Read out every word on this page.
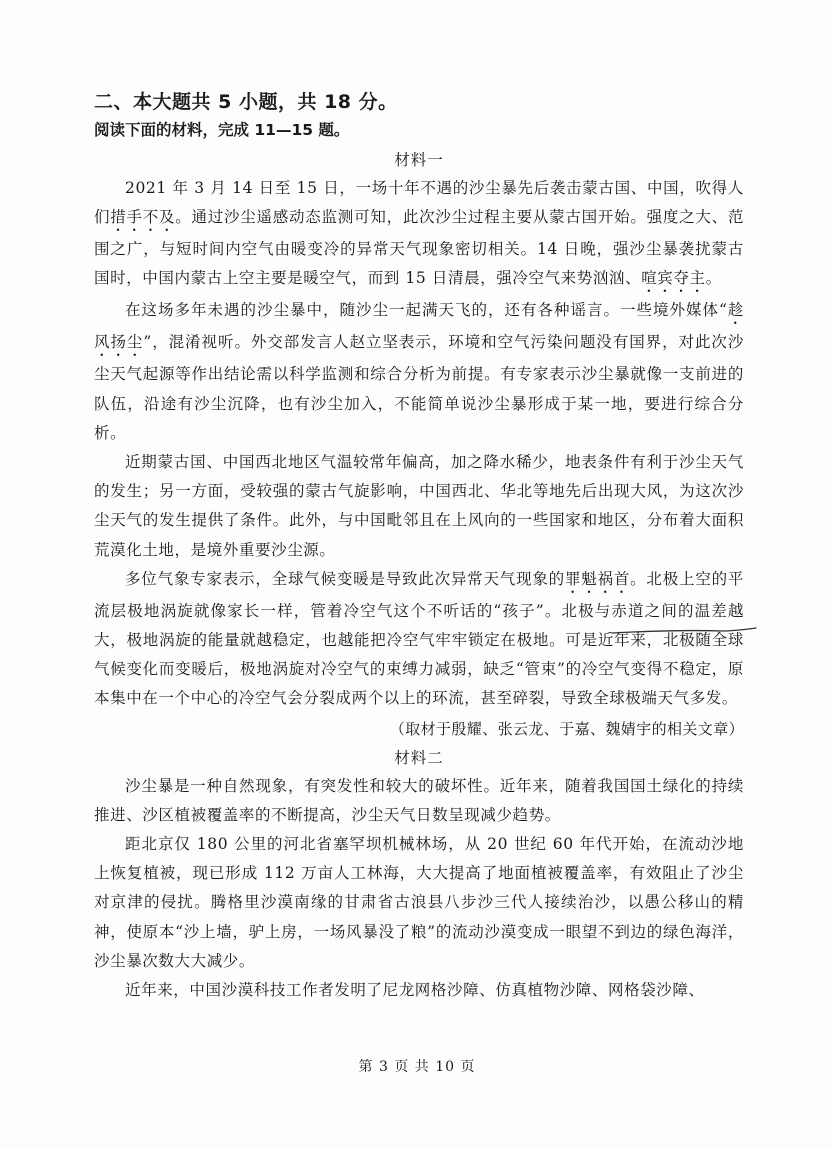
二、本大题共 5 小题，共 18 分。

阅读下面的材料，完成 11—15 题。

材料一

2021 年 3 月 14 日至 15 日，一场十年不遇的沙尘暴先后袭击蒙古国、中国，吹得人们措手不及。通过沙尘遥感动态监测可知，此次沙尘过程主要从蒙古国开始。强度之大、范围之广，与短时间内空气由暖变冷的异常天气现象密切相关。14 日晚，强沙尘暴袭扰蒙古国时，中国内蒙古上空主要是暖空气，而到 15 日清晨，强冷空气来势汹汹、喧宾夺主。

在这场多年未遇的沙尘暴中，随沙尘一起满天飞的，还有各种谣言。一些境外媒体“趁风扬尘”，混淆视听。外交部发言人赵立坚表示，环境和空气污染问题没有国界，对此次沙尘天气起源等作出结论需以科学监测和综合分析为前提。有专家表示沙尘暴就像一支前进的队伍，沿途有沙尘沉降，也有沙尘加入，不能简单说沙尘暴形成于某一地，要进行综合分析。

近期蒙古国、中国西北地区气温较常年偏高，加之降水稀少，地表条件有利于沙尘天气的发生；另一方面，受较强的蒙古气旋影响，中国西北、华北等地先后出现大风，为这次沙尘天气的发生提供了条件。此外，与中国毗邻且在上风向的一些国家和地区，分布着大面积荒漠化土地，是境外重要沙尘源。

多位气象专家表示，全球气候变暖是导致此次异常天气现象的罪魁祸首。北极上空的平流层极地涡旋就像家长一样，管着冷空气这个不听话的“孩子”。北极与赤道之间的温差越大，极地涡旋的能量就越稳定，也越能把冷空气牢牢锁定在极地。可是近年来，北极随全球气候变化而变暖后，极地涡旋对冷空气的束缚力减弱，缺乏“管束”的冷空气变得不稳定，原本集中在一个中心的冷空气会分裂成两个以上的环流，甚至碎裂，导致全球极端天气多发。

（取材于殷耀、张云龙、于嘉、魏婧宇的相关文章）

材料二

沙尘暴是一种自然现象，有突发性和较大的破坏性。近年来，随着我国国土绿化的持续推进、沙区植被覆盖率的不断提高，沙尘天气日数呈现减少趋势。

距北京仅 180 公里的河北省塞罕坝机械林场，从 20 世纪 60 年代开始，在流动沙地上恢复植被，现已形成 112 万亩人工林海，大大提高了地面植被覆盖率，有效阻止了沙尘对京津的侵扰。腾格里沙漠南缘的甘肃省古浪县八步沙三代人接续治沙，以愚公移山的精神，使原本“沙上墙，驴上房，一场风暴没了粮”的流动沙漠变成一眼望不到边的绿色海洋，沙尘暴次数大大减少。

近年来，中国沙漠科技工作者发明了尼龙网格沙障、仿真植物沙障、网格袋沙障、

第 3 页 共 10 页
